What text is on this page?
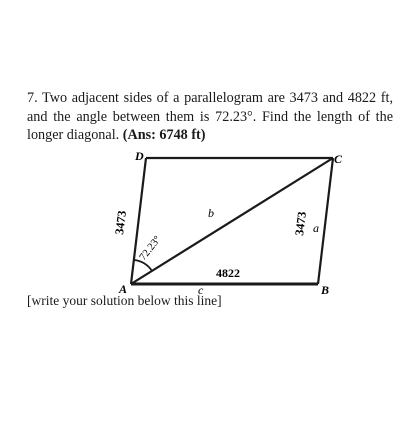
7. Two adjacent sides of a parallelogram are 3473 and 4822 ft, and the angle between them is 72.23°. Find the length of the longer diagonal. (Ans: 6748 ft)

D	C
A	B
3473	3473
4822
c
a
b
72.23°

[write your solution below this line]
